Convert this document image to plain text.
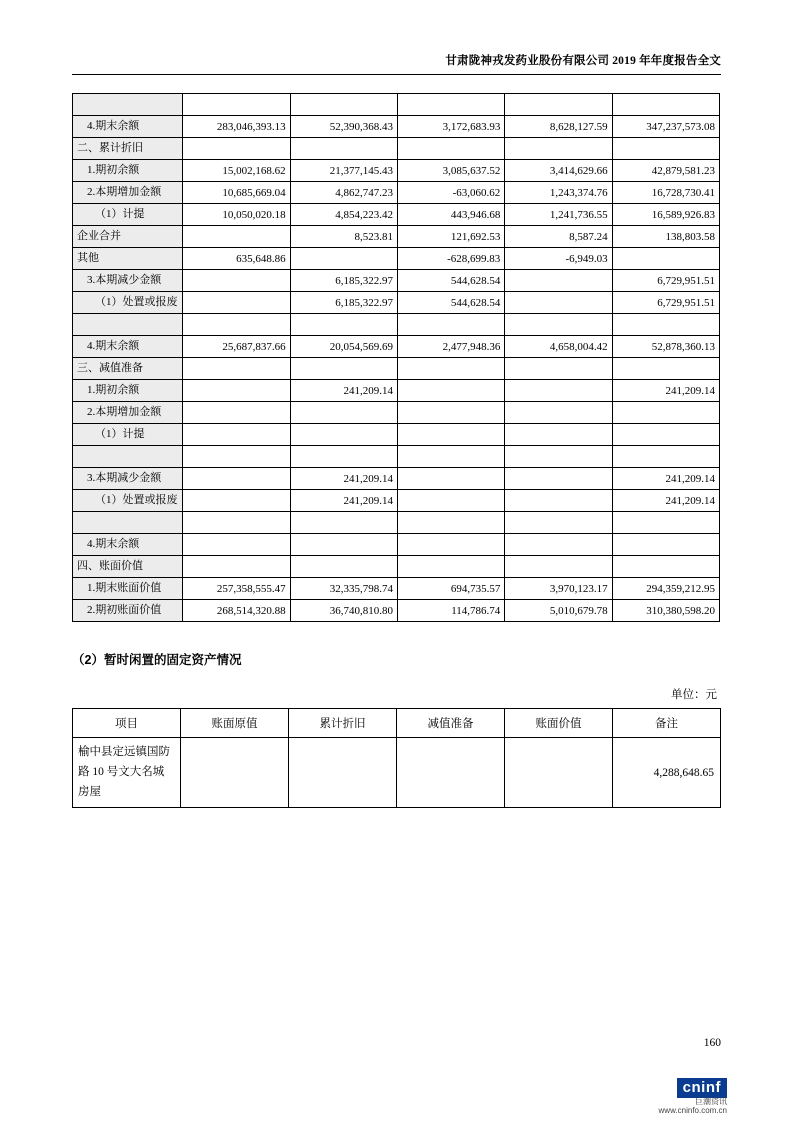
甘肃陇神戎发药业股份有限公司 2019 年年度报告全文

4.期末余额	283,046,393.13	52,390,368.43	3,172,683.93	8,628,127.59	347,237,573.08
二、累计折旧					
1.期初余额	15,002,168.62	21,377,145.43	3,085,637.52	3,414,629.66	42,879,581.23
2.本期增加金额	10,685,669.04	4,862,747.23	-63,060.62	1,243,374.76	16,728,730.41
（1）计提	10,050,020.18	4,854,223.42	443,946.68	1,241,736.55	16,589,926.83
企业合并		8,523.81	121,692.53	8,587.24	138,803.58
其他	635,648.86		-628,699.83	-6,949.03	
3.本期减少金额		6,185,322.97	544,628.54		6,729,951.51
（1）处置或报废		6,185,322.97	544,628.54		6,729,951.51

4.期末余额	25,687,837.66	20,054,569.69	2,477,948.36	4,658,004.42	52,878,360.13
三、减值准备					
1.期初余额		241,209.14			241,209.14
2.本期增加金额					
（1）计提					

3.本期减少金额		241,209.14			241,209.14
（1）处置或报废		241,209.14			241,209.14

4.期末余额					
四、账面价值					
1.期末账面价值	257,358,555.47	32,335,798.74	694,735.57	3,970,123.17	294,359,212.95
2.期初账面价值	268,514,320.88	36,740,810.80	114,786.74	5,010,679.78	310,380,598.20
（2）暂时闲置的固定资产情况
单位：元
项目	账面原值	累计折旧	减值准备	账面价值	备注
榆中县定远镇国防路 10 号文大名城房屋					4,288,648.65
160
cninf
巨潮资讯
www.cninfo.com.cn
